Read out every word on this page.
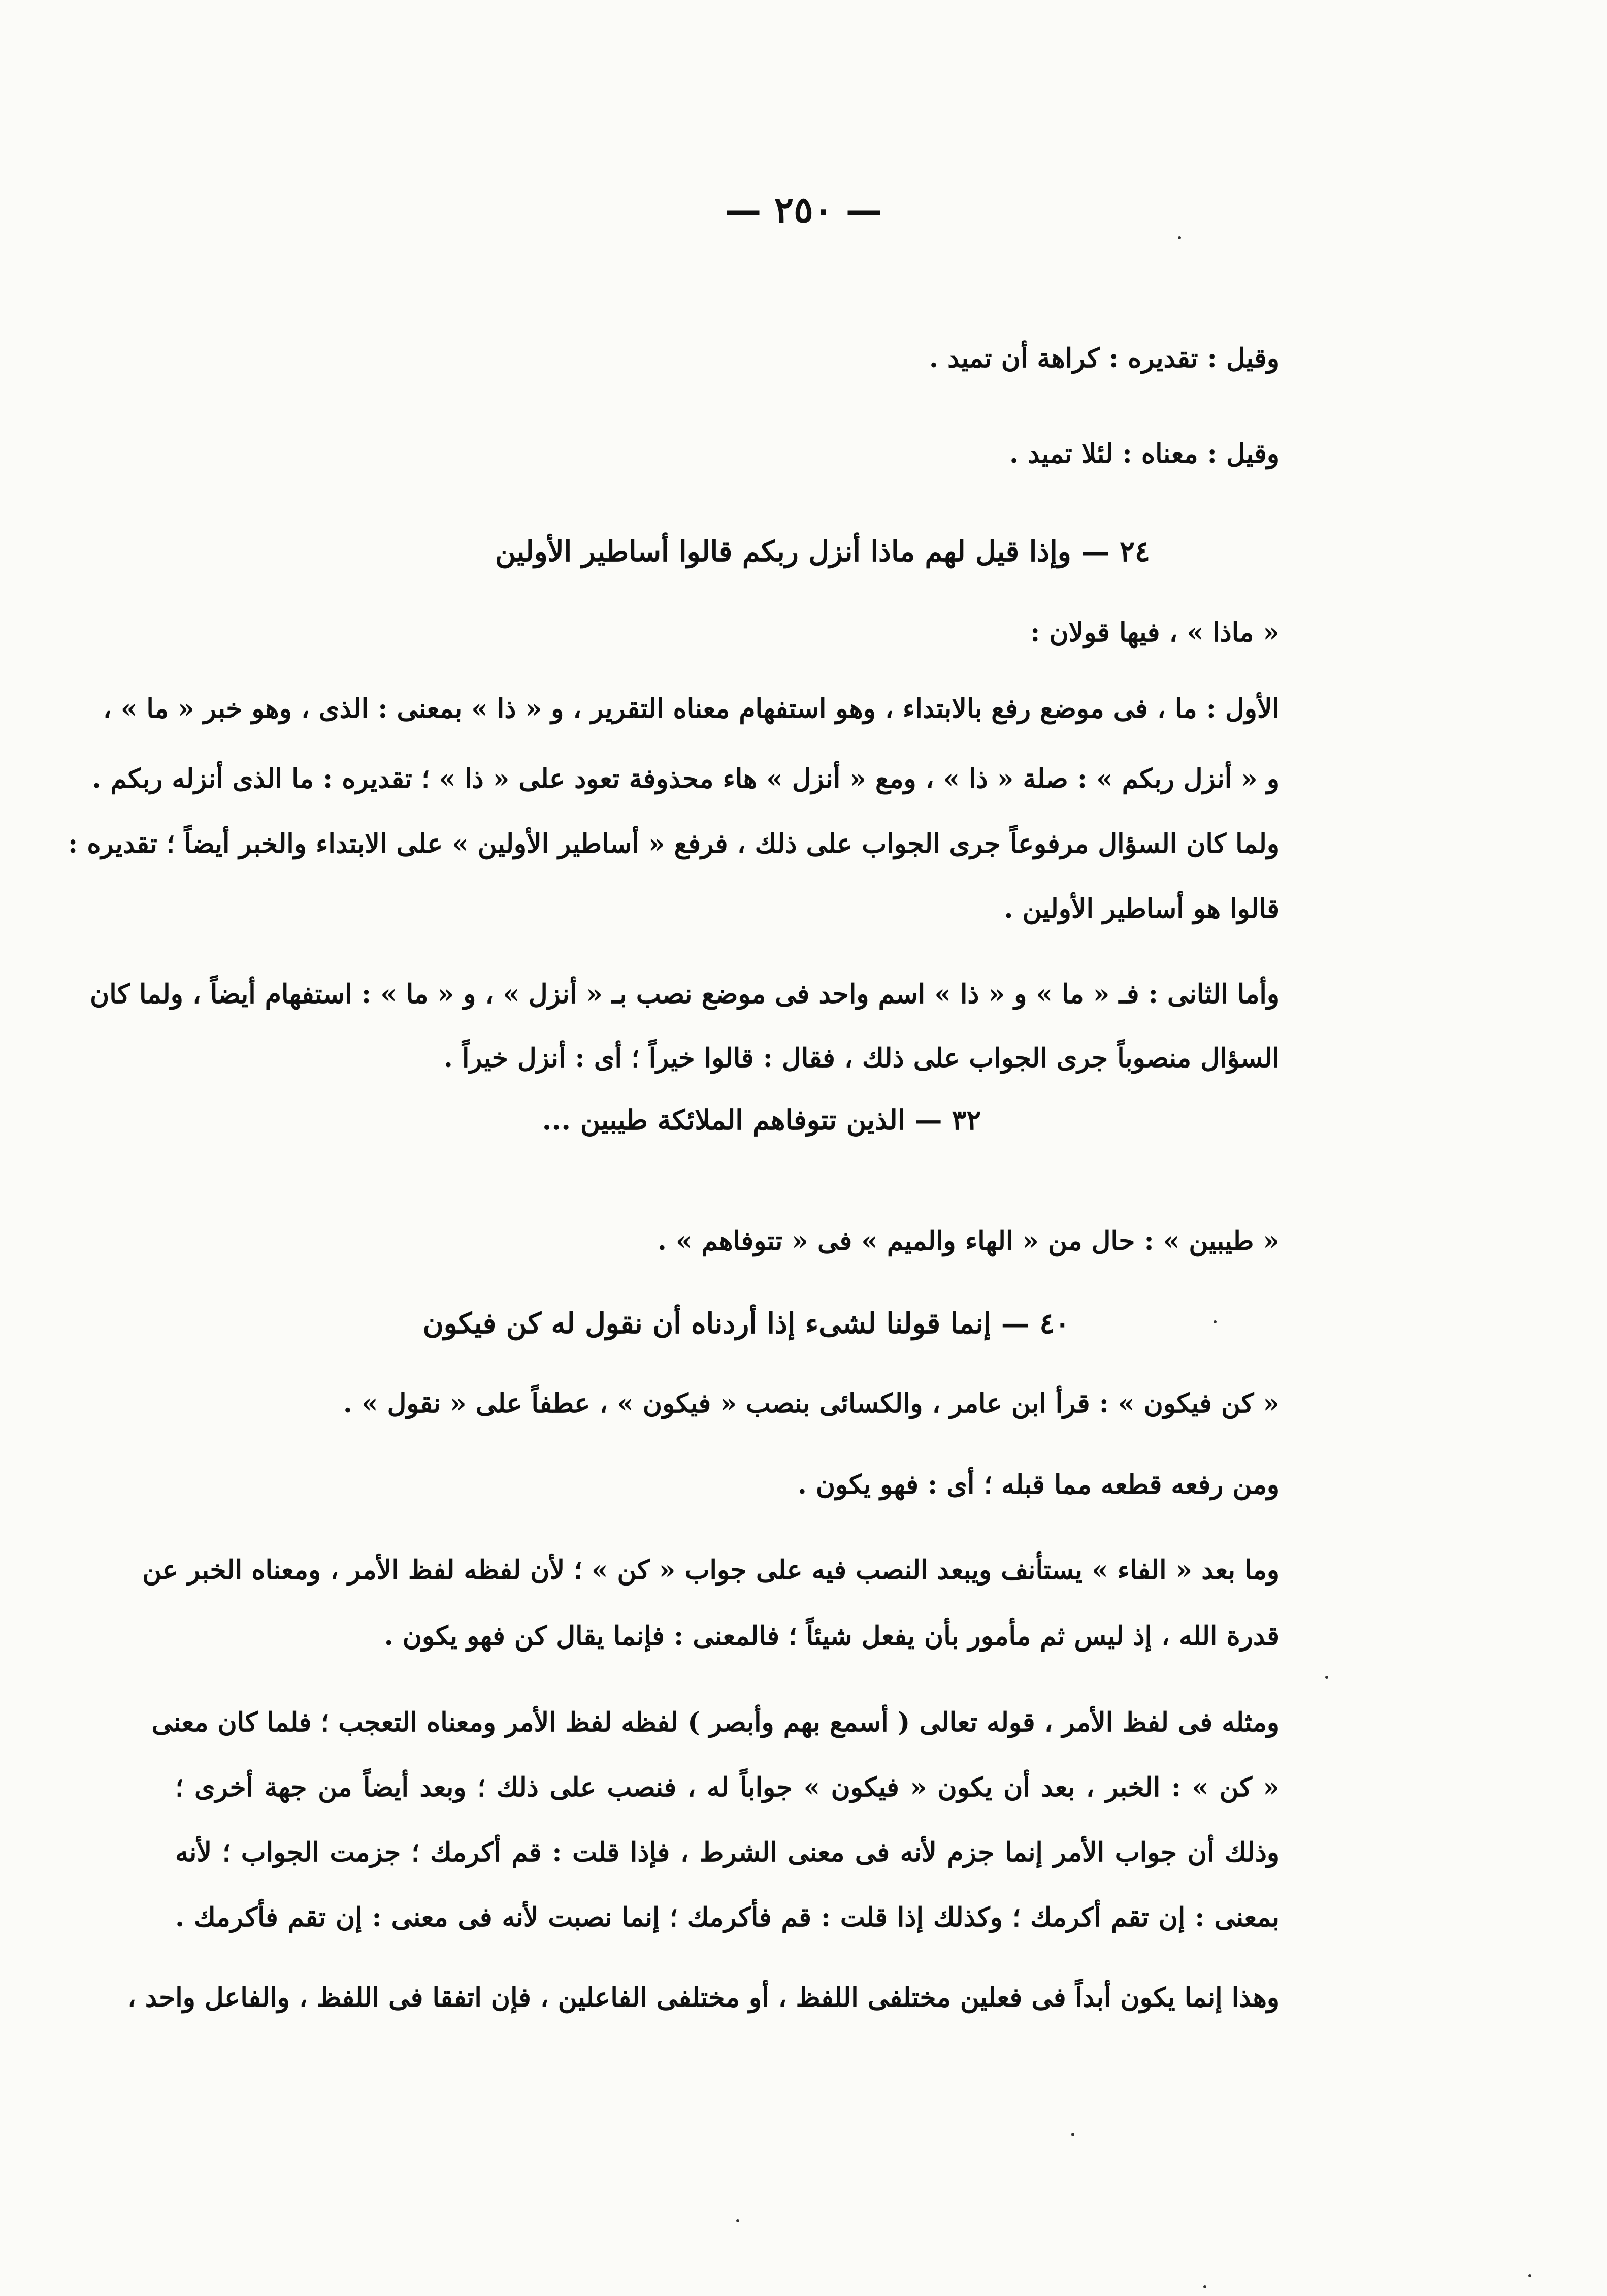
— ٢٥٠ —
وقيل : تقديره : كراهة أن تميد .
وقيل : معناه : لئلا تميد .
٢٤ — وإذا قيل لهم ماذا أنزل ربكم قالوا أساطير الأولين
« ماذا » ، فيها قولان :
الأول : ما ، فى موضع رفع بالابتداء ، وهو استفهام معناه التقرير ، و « ذا » بمعنى : الذى ، وهو خبر « ما » ،
و « أنزل ربكم » : صلة « ذا » ، ومع « أنزل » هاء محذوفة تعود على « ذا » ؛ تقديره : ما الذى أنزله ربكم .
ولما كان السؤال مرفوعاً جرى الجواب على ذلك ، فرفع « أساطير الأولين » على الابتداء والخبر أيضاً ؛ تقديره :
قالوا هو أساطير الأولين .
وأما الثانى : فـ « ما » و « ذا » اسم واحد فى موضع نصب بـ « أنزل » ، و « ما » : استفهام أيضاً ، ولما كان
السؤال منصوباً جرى الجواب على ذلك ، فقال : قالوا خيراً ؛ أى : أنزل خيراً .
٣٢ — الذين تتوفاهم الملائكة طيبين ...
« طيبين » : حال من « الهاء والميم » فى « تتوفاهم » .
٤٠ — إنما قولنا لشىء إذا أردناه أن نقول له كن فيكون
« كن فيكون » : قرأ ابن عامر ، والكسائى بنصب « فيكون » ، عطفاً على « نقول » .
ومن رفعه قطعه مما قبله ؛ أى : فهو يكون .
وما بعد « الفاء » يستأنف ويبعد النصب فيه على جواب « كن » ؛ لأن لفظه لفظ الأمر ، ومعناه الخبر عن
قدرة الله ، إذ ليس ثم مأمور بأن يفعل شيئاً ؛ فالمعنى : فإنما يقال كن فهو يكون .
ومثله فى لفظ الأمر ، قوله تعالى ( أسمع بهم وأبصر ) لفظه لفظ الأمر ومعناه التعجب ؛ فلما كان معنى
« كن » : الخبر ، بعد أن يكون « فيكون » جواباً له ، فنصب على ذلك ؛ وبعد أيضاً من جهة أخرى ؛
وذلك أن جواب الأمر إنما جزم لأنه فى معنى الشرط ، فإذا قلت : قم أكرمك ؛ جزمت الجواب ؛ لأنه
بمعنى : إن تقم أكرمك ؛ وكذلك إذا قلت : قم فأكرمك ؛ إنما نصبت لأنه فى معنى : إن تقم فأكرمك .
وهذا إنما يكون أبداً فى فعلين مختلفى اللفظ ، أو مختلفى الفاعلين ، فإن اتفقا فى اللفظ ، والفاعل واحد ،
